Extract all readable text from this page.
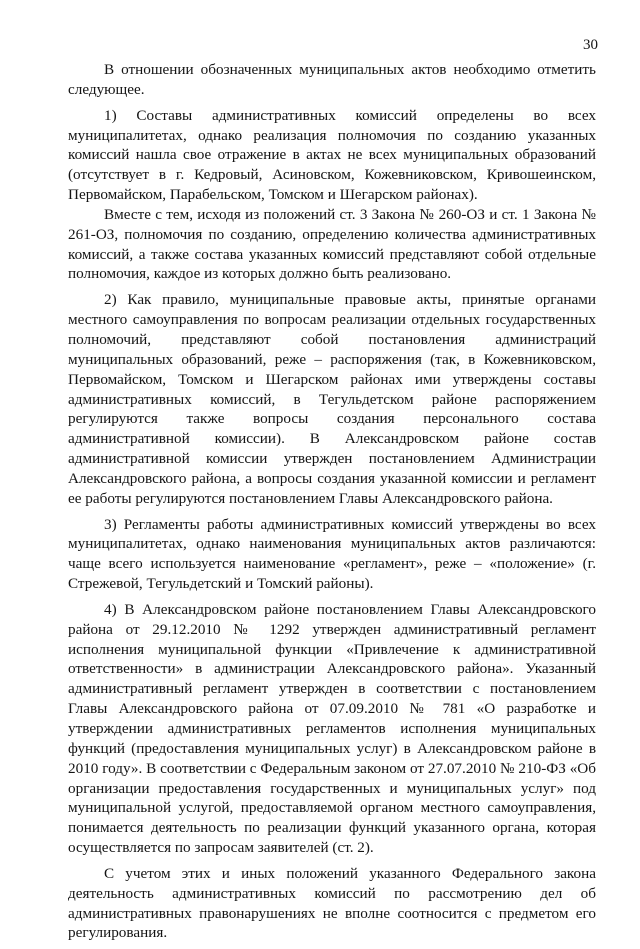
30

В отношении обозначенных муниципальных актов необходимо отметить следующее.

1) Составы административных комиссий определены во всех муниципалитетах, однако реализация полномочия по созданию указанных комиссий нашла свое отражение в актах не всех муниципальных образований (отсутствует в г. Кедровый, Асиновском, Кожевниковском, Кривошеинском, Первомайском, Парабельском, Томском и Шегарском районах).

Вместе с тем, исходя из положений ст. 3 Закона № 260-ОЗ и ст. 1 Закона № 261-ОЗ, полномочия по созданию, определению количества административных комиссий, а также состава указанных комиссий представляют собой отдельные полномочия, каждое из которых должно быть реализовано.

2) Как правило, муниципальные правовые акты, принятые органами местного самоуправления по вопросам реализации отдельных государственных полномочий, представляют собой постановления администраций муниципальных образований, реже – распоряжения (так, в Кожевниковском, Первомайском, Томском и Шегарском районах ими утверждены составы административных комиссий, в Тегульдетском районе распоряжением регулируются также вопросы создания персонального состава административной комиссии). В Александровском районе состав административной комиссии утвержден постановлением Администрации Александровского района, а вопросы создания указанной комиссии и регламент ее работы регулируются постановлением Главы Александровского района.

3) Регламенты работы административных комиссий утверждены во всех муниципалитетах, однако наименования муниципальных актов различаются: чаще всего используется наименование «регламент», реже – «положение» (г. Стрежевой, Тегульдетский и Томский районы).

4) В Александровском районе постановлением Главы Александровского района от 29.12.2010 № 1292 утвержден административный регламент исполнения муниципальной функции «Привлечение к административной ответственности» в администрации Александровского района». Указанный административный регламент утвержден в соответствии с постановлением Главы Александровского района от 07.09.2010 № 781 «О разработке и утверждении административных регламентов исполнения муниципальных функций (предоставления муниципальных услуг) в Александровском районе в 2010 году». В соответствии с Федеральным законом от 27.07.2010 № 210-ФЗ «Об организации предоставления государственных и муниципальных услуг» под муниципальной услугой, предоставляемой органом местного самоуправления, понимается деятельность по реализации функций указанного органа, которая осуществляется по запросам заявителей (ст. 2).

С учетом этих и иных положений указанного Федерального закона деятельность административных комиссий по рассмотрению дел об административных правонарушениях не вполне соотносится с предметом его регулирования.
